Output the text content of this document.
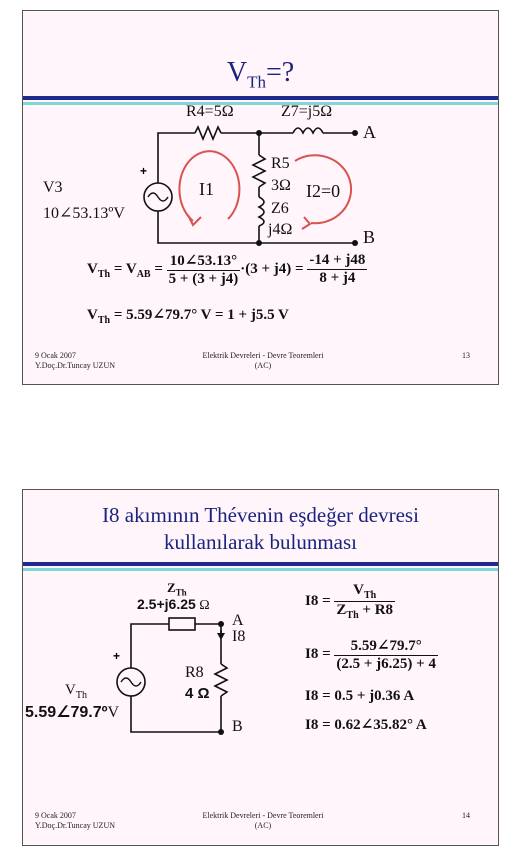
$V_{Th}=$?
+
R4=5Ω	Z7=j5Ω
A
B
R5
3Ω
Z6
j4Ω
I1	I2=0
V3
10∠53.13ºV
$V_{Th} = V_{AB} = \frac{10\angle 53.13^\circ}{5 + (3 + j4)} \cdot(3 + j4) = \frac{-14 + j48}{8 + j4}$
$V_{Th}$ = 5.59∠79.7° V = 1 + j5.5 V
9 Ocak 2007
Y.Doç.Dr.Tuncay UZUN
Elektrik Devreleri - Devre Teoremleri
(AC)
13
I8 akımının Thévenin eşdeğer devresi
kullanılarak bulunması
+
$Z_{Th}$
2.5+j6.25 Ω
A
I8
R8
4 Ω
B
$V_{Th}$
5.59∠79.7ºV
$I8 = \frac{V_{Th}}{Z_{Th} + R8}$
$I8 = \frac{5.59\angle 79.7^\circ}{(2.5 + j6.25) + 4}$
I8 = 0.5 + j0.36 A
I8 = 0.62∠35.82° A
9 Ocak 2007
Y.Doç.Dr.Tuncay UZUN
Elektrik Devreleri - Devre Teoremleri
(AC)
14
